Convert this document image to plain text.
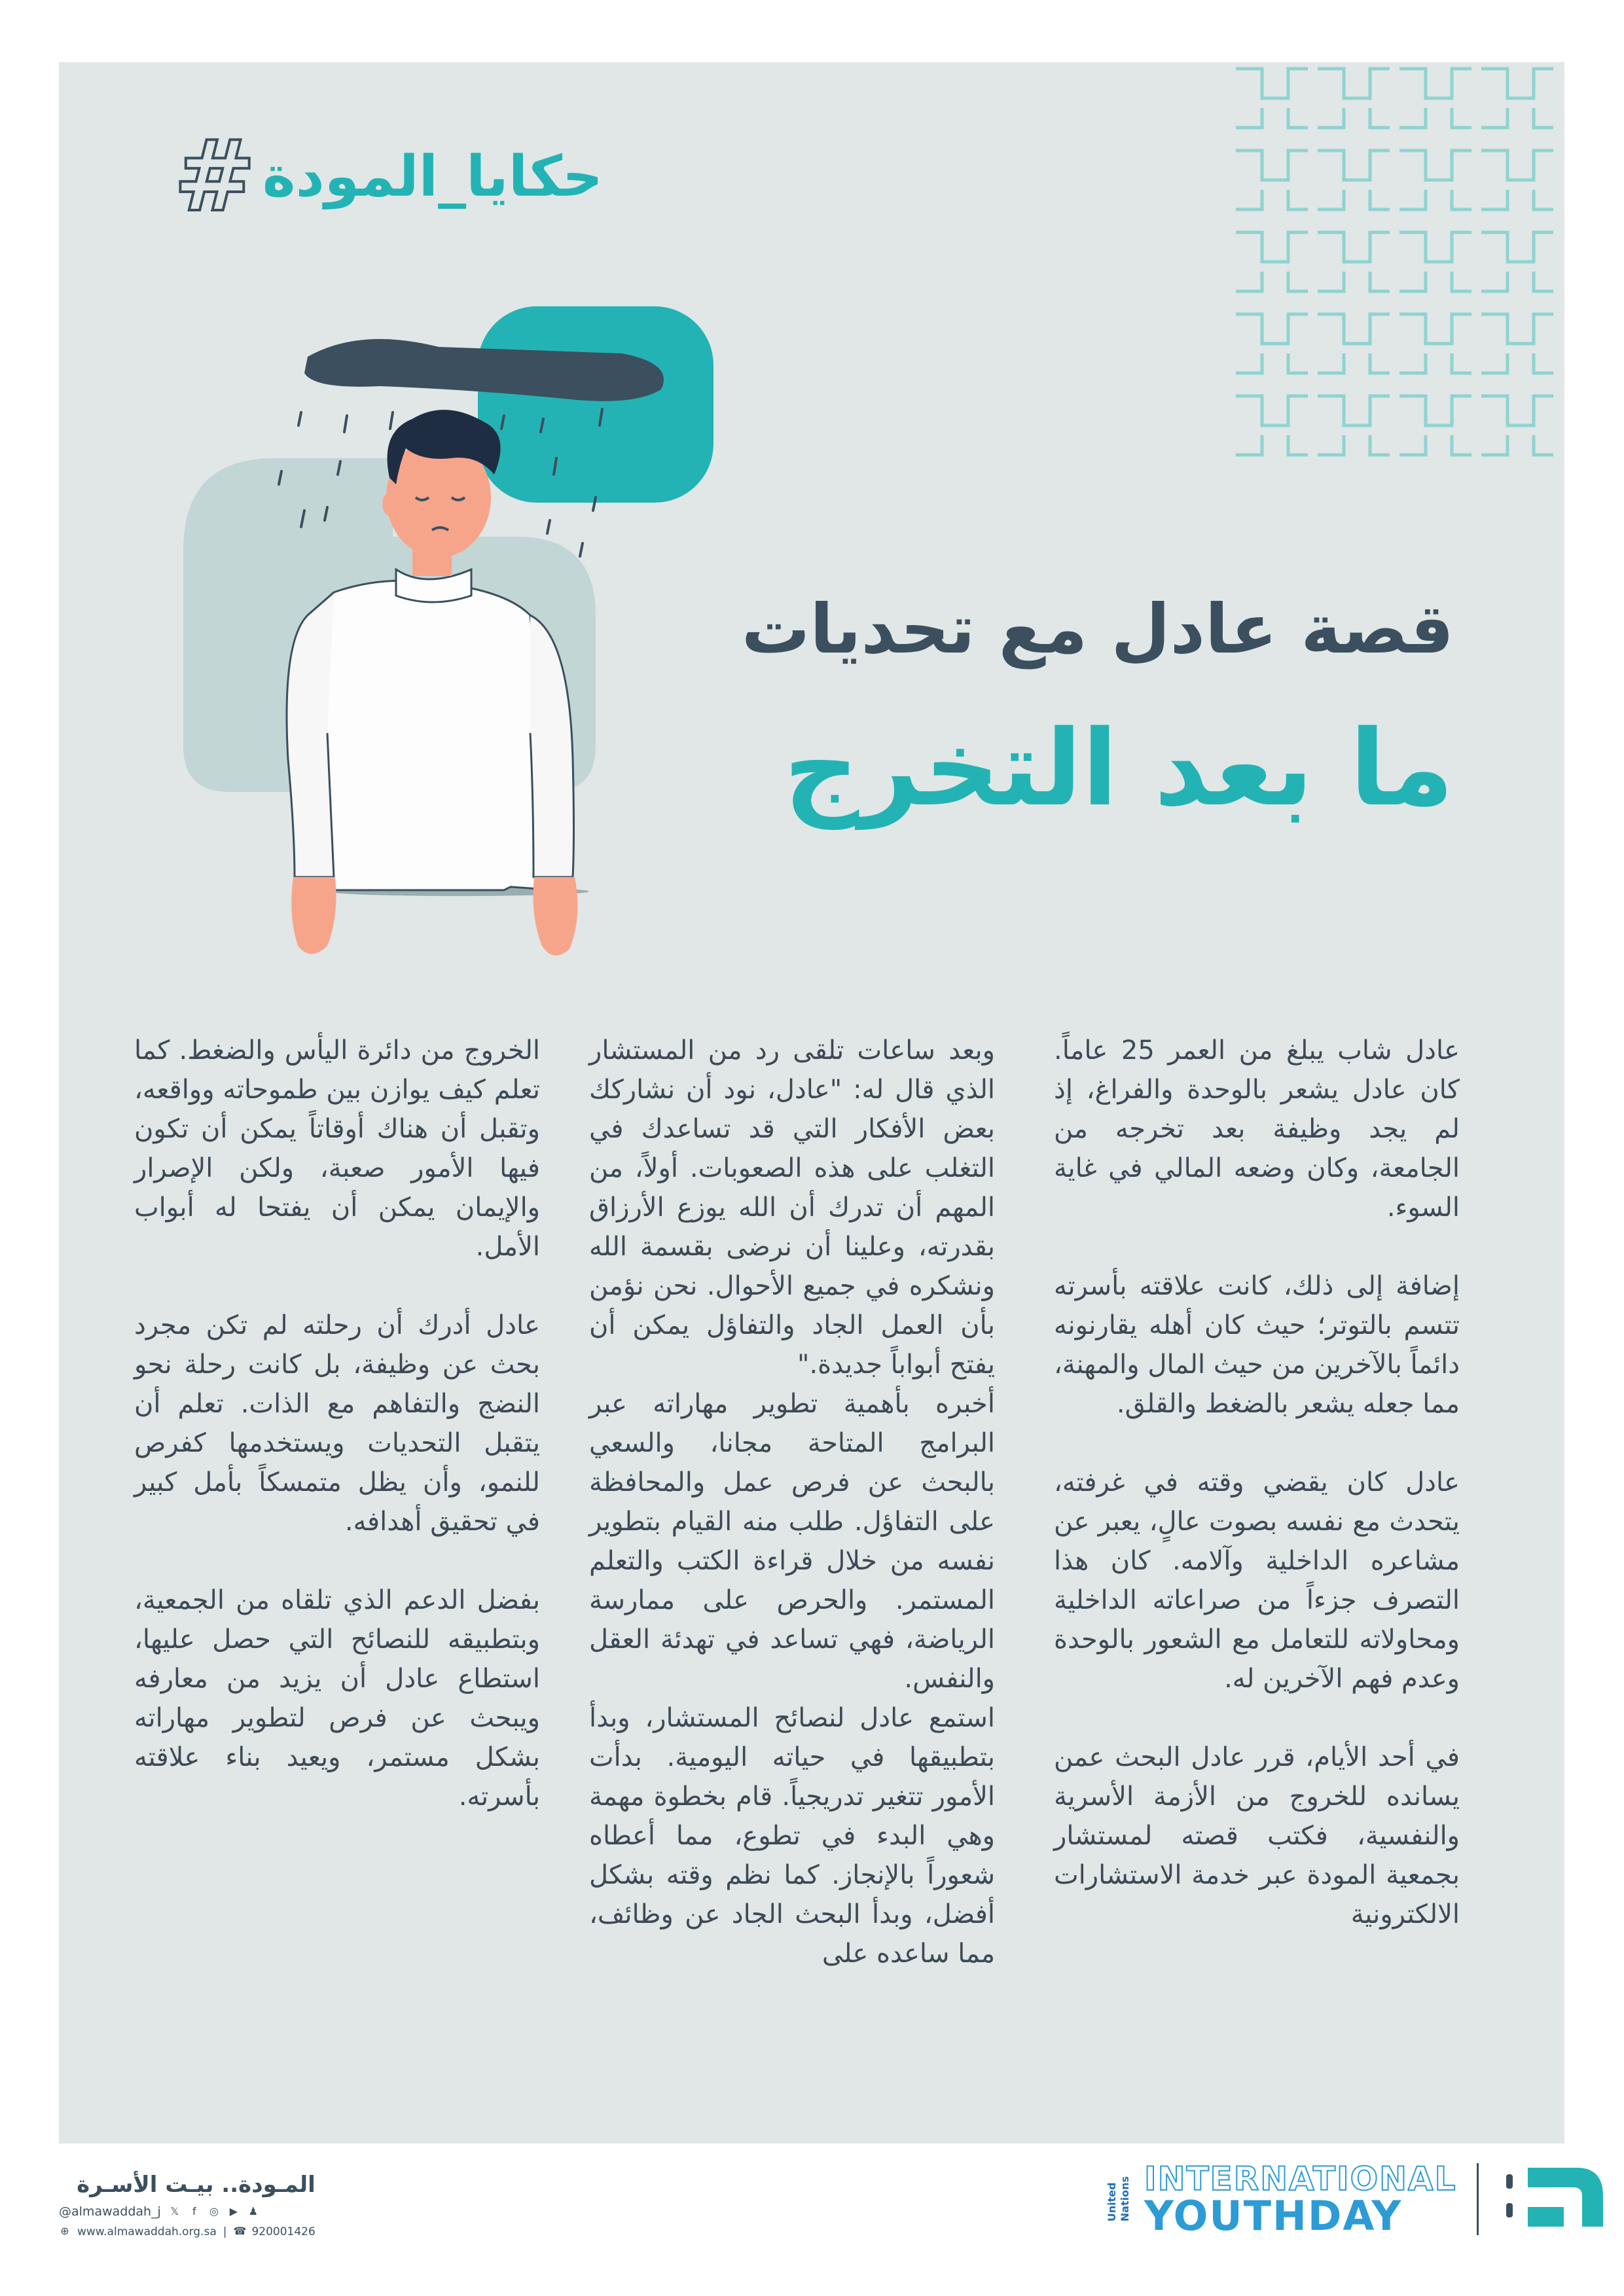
حكايا_المودة
#
قصة عادل مع تحديات
ما بعد التخرج

عادل شاب يبلغ من العمر 25 عاماً. كان عادل يشعر بالوحدة والفراغ، إذ لم يجد وظيفة بعد تخرجه من الجامعة، وكان وضعه المالي في غاية السوء.

إضافة إلى ذلك، كانت علاقته بأسرته تتسم بالتوتر؛ حيث كان أهله يقارنونه دائماً بالآخرين من حيث المال والمهنة، مما جعله يشعر بالضغط والقلق.

عادل كان يقضي وقته في غرفته، يتحدث مع نفسه بصوت عالٍ، يعبر عن مشاعره الداخلية وآلامه. كان هذا التصرف جزءاً من صراعاته الداخلية ومحاولاته للتعامل مع الشعور بالوحدة وعدم فهم الآخرين له.

في أحد الأيام، قرر عادل البحث عمن يسانده للخروج من الأزمة الأسرية والنفسية، فكتب قصته لمستشار بجمعية المودة عبر خدمة الاستشارات الالكترونية

وبعد ساعات تلقى رد من المستشار الذي قال له: "عادل، نود أن نشاركك بعض الأفكار التي قد تساعدك في التغلب على هذه الصعوبات. أولاً، من المهم أن تدرك أن الله يوزع الأرزاق بقدرته، وعلينا أن نرضى بقسمة الله ونشكره في جميع الأحوال. نحن نؤمن بأن العمل الجاد والتفاؤل يمكن أن يفتح أبواباً جديدة."

أخبره بأهمية تطوير مهاراته عبر البرامج المتاحة مجانا، والسعي بالبحث عن فرص عمل والمحافظة على التفاؤل. طلب منه القيام بتطوير نفسه من خلال قراءة الكتب والتعلم المستمر. والحرص على ممارسة الرياضة، فهي تساعد في تهدئة العقل والنفس.

استمع عادل لنصائح المستشار، وبدأ بتطبيقها في حياته اليومية. بدأت الأمور تتغير تدريجياً. قام بخطوة مهمة وهي البدء في تطوع، مما أعطاه شعوراً بالإنجاز. كما نظم وقته بشكل أفضل، وبدأ البحث الجاد عن وظائف، مما ساعده على

الخروج من دائرة اليأس والضغط. كما تعلم كيف يوازن بين طموحاته وواقعه، وتقبل أن هناك أوقاتاً يمكن أن تكون فيها الأمور صعبة، ولكن الإصرار والإيمان يمكن أن يفتحا له أبواب الأمل.

عادل أدرك أن رحلته لم تكن مجرد بحث عن وظيفة، بل كانت رحلة نحو النضج والتفاهم مع الذات. تعلم أن يتقبل التحديات ويستخدمها كفرص للنمو، وأن يظل متمسكاً بأمل كبير في تحقيق أهدافه.

بفضل الدعم الذي تلقاه من الجمعية، وبتطبيقه للنصائح التي حصل عليها، استطاع عادل أن يزيد من معارفه ويبحث عن فرص لتطوير مهاراته بشكل مستمر، ويعيد بناء علاقته بأسرته.

المـودة.. بيـت الأسـرة
@almawaddah_j 𝕏	f	◎ ▶ ♟
⊕ www.almawaddah.org.sa | ☎ 920001426
United Nations INTERNATIONAL
YOUTHDAY
